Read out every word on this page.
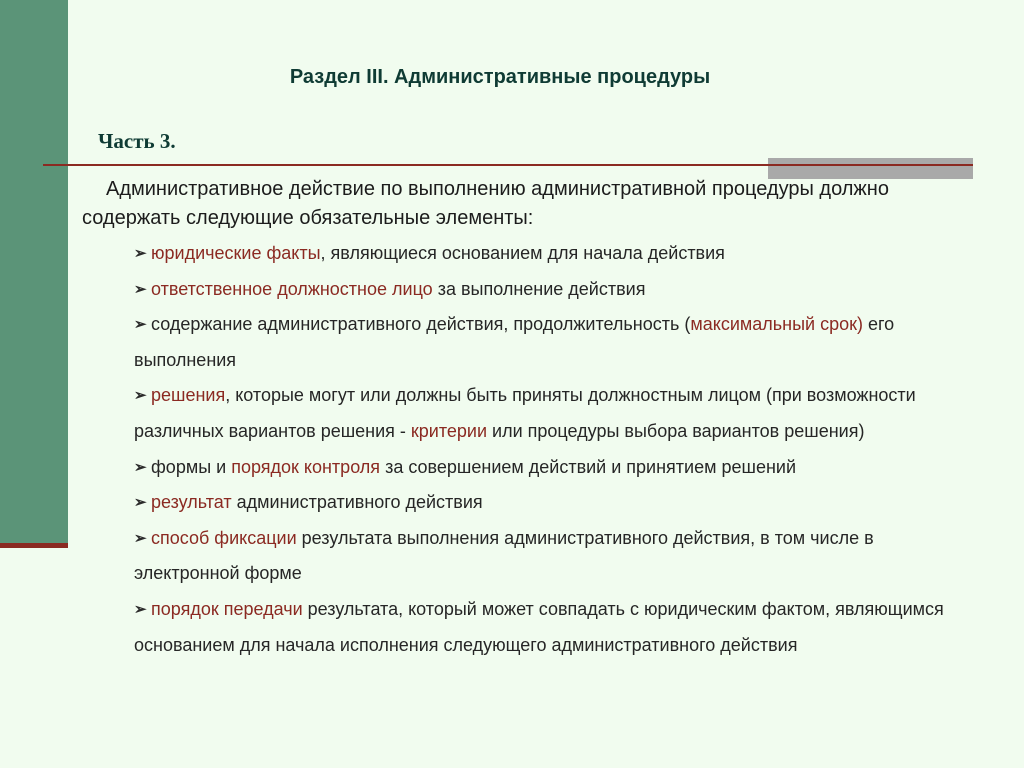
Раздел III. Административные процедуры
Часть 3.
Административное действие по выполнению административной процедуры должно содержать следующие обязательные элементы:
➢ юридические факты, являющиеся основанием для начала действия
➢ ответственное должностное лицо за выполнение действия
➢ содержание административного действия, продолжительность (максимальный срок) его выполнения
➢ решения, которые могут или должны быть приняты должностным лицом (при возможности различных вариантов решения - критерии или процедуры выбора вариантов решения)
➢ формы и порядок контроля за совершением действий и принятием решений
➢ результат административного действия
➢ способ фиксации результата выполнения административного действия, в том числе в электронной форме
➢ порядок передачи результата, который может совпадать с юридическим фактом, являющимся основанием для начала исполнения следующего административного действия
